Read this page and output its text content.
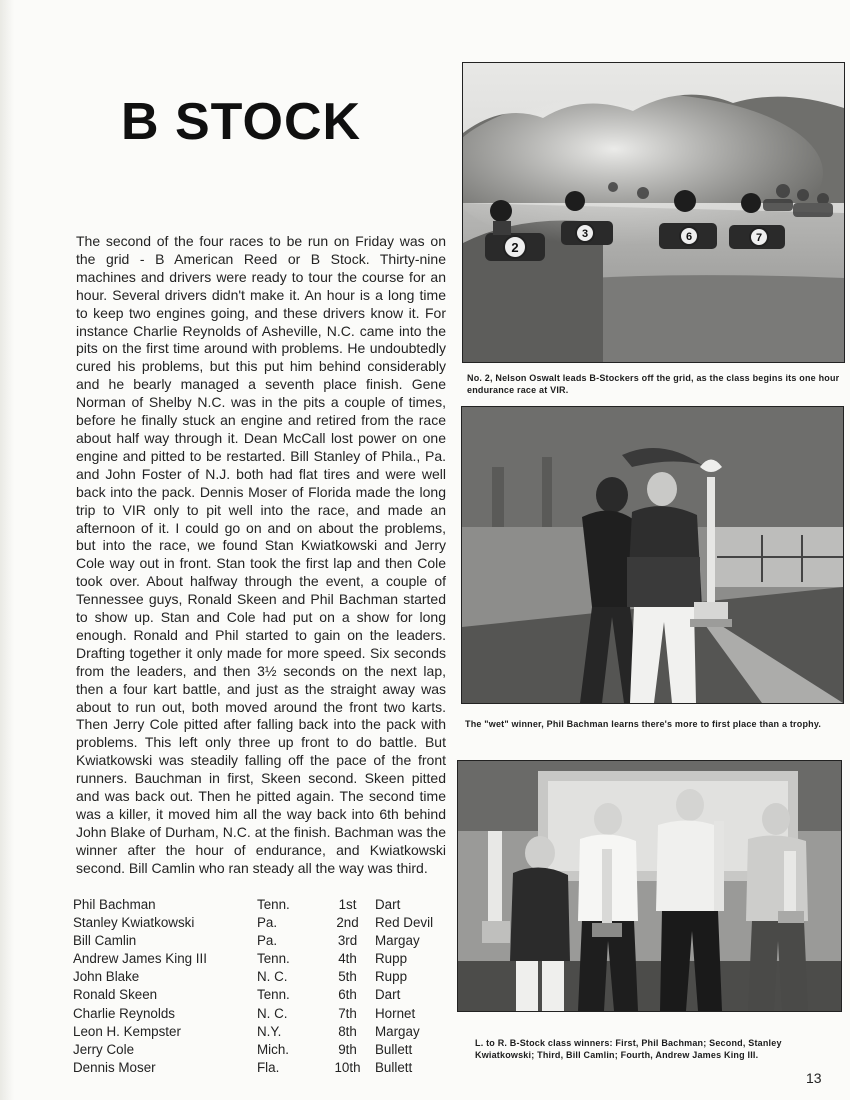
B STOCK

The second of the four races to be run on Friday was on the grid - B American Reed or B Stock. Thirty-nine machines and drivers were ready to tour the course for an hour. Several drivers didn't make it. An hour is a long time to keep two engines going, and these drivers know it. For instance Charlie Reynolds of Asheville, N.C. came into the pits on the first time around with problems. He undoubtedly cured his problems, but this put him behind considerably and he bearly managed a seventh place finish. Gene Norman of Shelby N.C. was in the pits a couple of times, before he finally stuck an engine and retired from the race about half way through it. Dean McCall lost power on one engine and pitted to be restarted. Bill Stanley of Phila., Pa. and John Foster of N.J. both had flat tires and were well back into the pack. Dennis Moser of Florida made the long trip to VIR only to pit well into the race, and made an afternoon of it. I could go on and on about the problems, but into the race, we found Stan Kwiatkowski and Jerry Cole way out in front. Stan took the first lap and then Cole took over. About halfway through the event, a couple of Tennessee guys, Ronald Skeen and Phil Bachman started to show up. Stan and Cole had put on a show for long enough. Ronald and Phil started to gain on the leaders. Drafting together it only made for more speed. Six seconds from the leaders, and then 3½ seconds on the next lap, then a four kart battle, and just as the straight away was about to run out, both moved around the front two karts. Then Jerry Cole pitted after falling back into the pack with problems. This left only three up front to do battle. But Kwiatkowski was steadily falling off the pace of the front runners. Bauchman in first, Skeen second. Skeen pitted and was back out. Then he pitted again. The second time was a killer, it moved him all the way back into 6th behind John Blake of Durham, N.C. at the finish. Bachman was the winner after the hour of endurance, and Kwiatkowski second. Bill Camlin who ran steady all the way was third.

Phil Bachman	Tenn.	1st	Dart
Stanley Kwiatkowski	Pa.	2nd	Red Devil
Bill Camlin	Pa.	3rd	Margay
Andrew James King III	Tenn.	4th	Rupp
John Blake	N. C.	5th	Rupp
Ronald Skeen	Tenn.	6th	Dart
Charlie Reynolds	N. C.	7th	Hornet
Leon H. Kempster	N.Y.	8th	Margay
Jerry Cole	Mich.	9th	Bullett
Dennis Moser	Fla.	10th	Bullett
2
3	6	7

No. 2, Nelson Oswalt leads B-Stockers off the grid, as the class begins its one hour endurance race at VIR.

The "wet" winner, Phil Bachman learns there's more to first place than a trophy.

L. to R. B-Stock class winners: First, Phil Bachman; Second, Stanley Kwiatkowski; Third, Bill Camlin; Fourth, Andrew James King III.

13
